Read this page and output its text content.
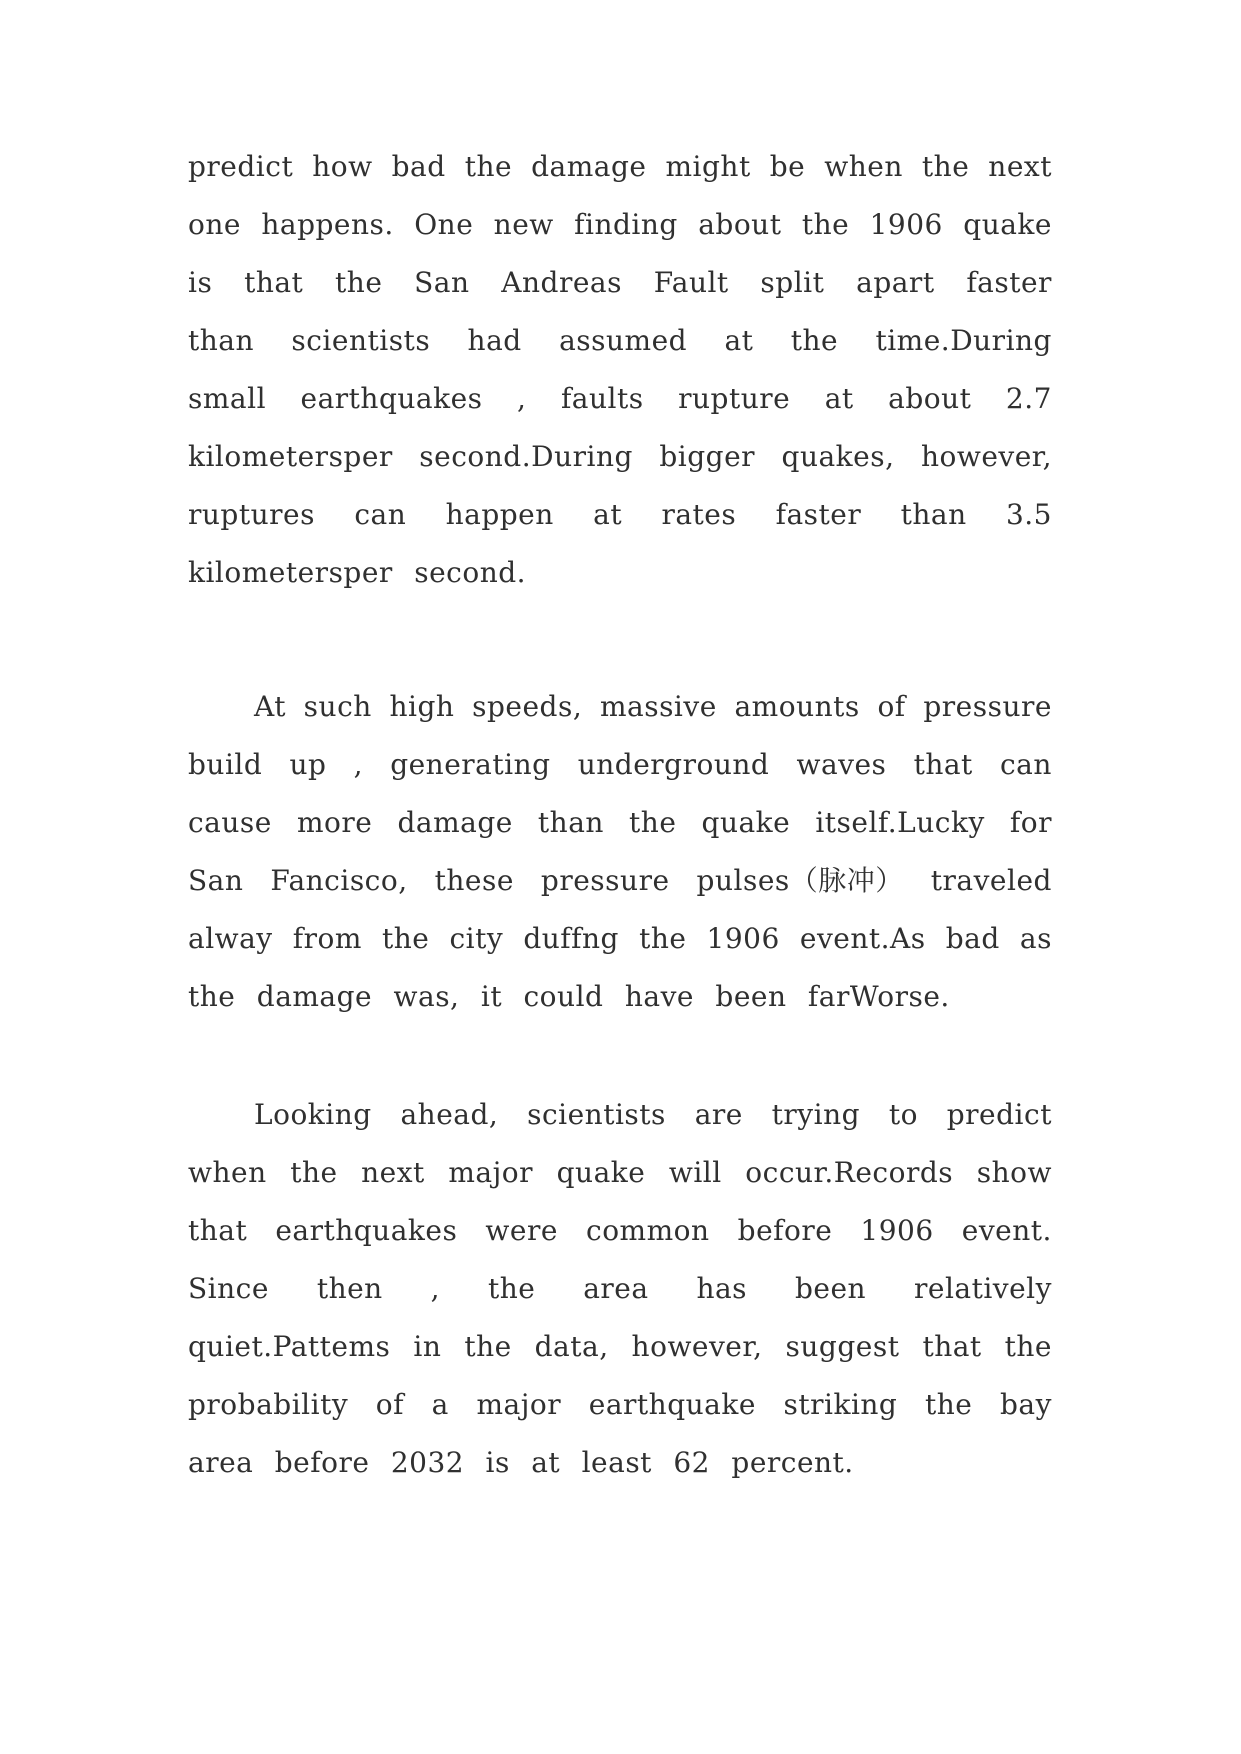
predict how bad the damage might be when the next
one happens. One new finding about the 1906 quake
is that the San Andreas Fault split apart faster
than scientists had assumed at the time.During
small earthquakes , faults rupture at about 2.7
kilometersper second.During bigger quakes, however,
ruptures can happen at rates faster than 3.5
kilometersper second.
At such high speeds, massive amounts of pressure
build up , generating underground waves that can
cause more damage than the quake itself.Lucky for
San Fancisco, these pressure pulses（脉冲） traveled
alway from the city duffng the 1906 event.As bad as
the damage was, it could have been farWorse.
Looking ahead, scientists are trying to predict
when the next major quake will occur.Records show
that earthquakes were common before 1906 event.
Since then , the area has been relatively
quiet.Pattems in the data, however, suggest that the
probability of a major earthquake striking the bay
area before 2032 is at least 62 percent.
